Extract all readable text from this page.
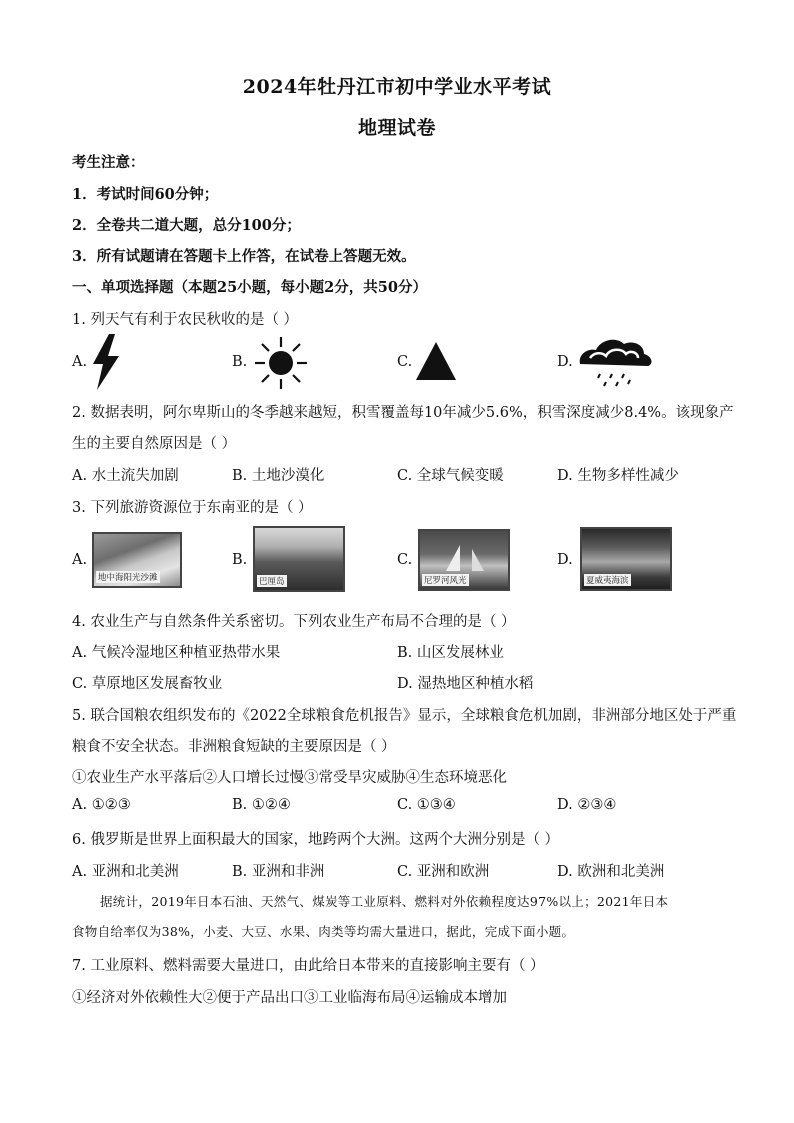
2024年牡丹江市初中学业水平考试
地理试卷
考生注意：
1．考试时间60分钟；
2．全卷共二道大题，总分100分；
3．所有试题请在答题卡上作答，在试卷上答题无效。
一、单项选择题（本题25小题，每小题2分，共50分）
1. 列天气有利于农民秋收的是（ ）
A.	B.	C.	D.
2. 数据表明，阿尔卑斯山的冬季越来越短，积雪覆盖每10年减少5.6%，积雪深度减少8.4%。该现象产
生的主要自然原因是（ ）
A. 水土流失加剧	B. 土地沙漠化	C. 全球气候变暖	D. 生物多样性减少
3. 下列旅游资源位于东南亚的是（ ）
A.
地中海阳光沙滩
B.
巴厘岛
C.
尼罗河风光
D.
夏威夷海滨
4. 农业生产与自然条件关系密切。下列农业生产布局不合理的是（ ）
A. 气候冷湿地区种植亚热带水果	B. 山区发展林业
C. 草原地区发展畜牧业	D. 湿热地区种植水稻
5. 联合国粮农组织发布的《2022全球粮食危机报告》显示，全球粮食危机加剧，非洲部分地区处于严重
粮食不安全状态。非洲粮食短缺的主要原因是（ ）
①农业生产水平落后②人口增长过慢③常受旱灾威胁④生态环境恶化
A. ①②③	B. ①②④	C. ①③④	D. ②③④
6. 俄罗斯是世界上面积最大的国家，地跨两个大洲。这两个大洲分别是（ ）
A. 亚洲和北美洲	B. 亚洲和非洲	C. 亚洲和欧洲	D. 欧洲和北美洲
据统计，2019年日本石油、天然气、煤炭等工业原料、燃料对外依赖程度达97%以上；2021年日本
食物自给率仅为38%，小麦、大豆、水果、肉类等均需大量进口，据此，完成下面小题。
7. 工业原料、燃料需要大量进口，由此给日本带来的直接影响主要有（ ）
①经济对外依赖性大②便于产品出口③工业临海布局④运输成本增加
